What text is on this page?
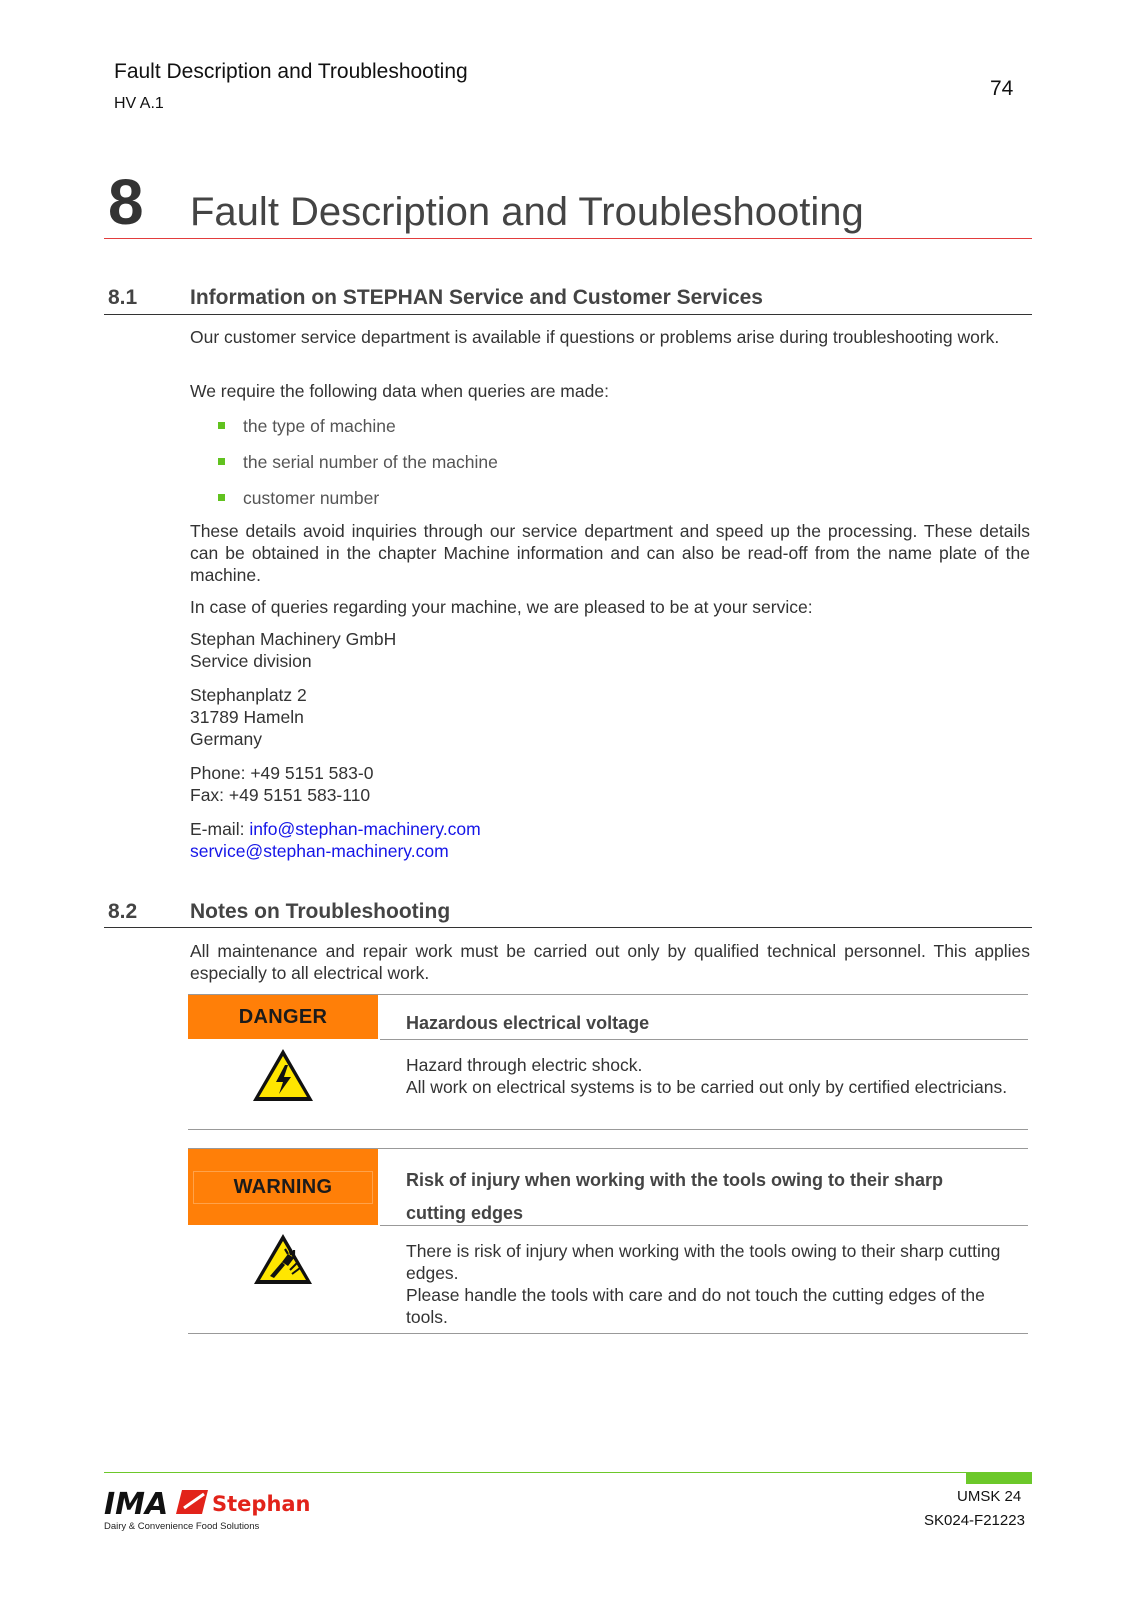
Fault Description and Troubleshooting
HV A.1
74
8 Fault Description and Troubleshooting
8.1	Information on STEPHAN Service and Customer Services
Our customer service department is available if questions or problems arise during troubleshooting work.
We require the following data when queries are made:
the type of machine
the serial number of the machine
customer number
These details avoid inquiries through our service department and speed up the processing. These details can be obtained in the chapter Machine information and can also be read-off from the name plate of the machine.
In case of queries regarding your machine, we are pleased to be at your service:
Stephan Machinery GmbH
Service division
Stephanplatz 2
31789 Hameln
Germany
Phone: +49 5151 583-0
Fax: +49 5151 583-110
E-mail: info@stephan-machinery.com
service@stephan-machinery.com
8.2	Notes on Troubleshooting
All maintenance and repair work must be carried out only by qualified technical personnel. This applies especially to all electrical work.
DANGER	Hazardous electrical voltage
Hazard through electric shock.
All work on electrical systems is to be carried out only by certified electricians.
WARNING	Risk of injury when working with the tools owing to their sharp cutting edges
There is risk of injury when working with the tools owing to their sharp cutting edges.
Please handle the tools with care and do not touch the cutting edges of the tools.
IMA Stephan
Dairy & Convenience Food Solutions
UMSK 24
SK024-F21223
